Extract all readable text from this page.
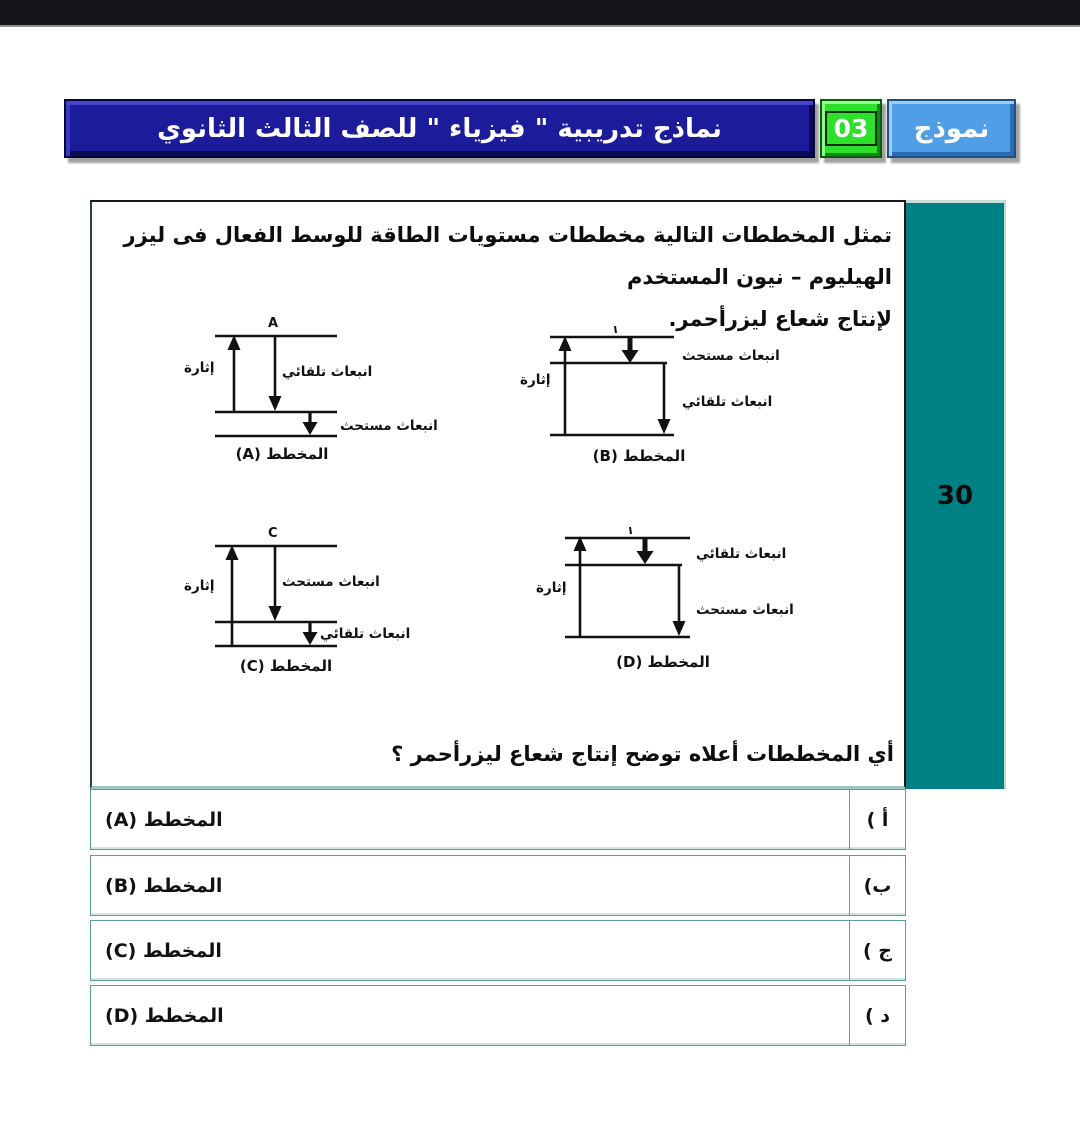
نماذج تدريبية " فيزياء " للصف الثالث الثانوي	03	نموذج
30
تمثل المخططات التالية مخططات مستويات الطاقة للوسط الفعال فى ليزر الهيليوم – نيون المستخدم
لإنتاج شعاع ليزرأحمر.
A
إثارة	انبعاث تلقائي
انبعاث مستحث
المخطط (A)
إثارة
انبعاث مستحث
انبعاث تلقائي
المخطط (B)
C
إثارة	انبعاث مستحث
انبعاث تلقائي
المخطط (C)
إثارة
انبعاث تلقائي
انبعاث مستحث
المخطط (D)
أي المخططات أعلاه توضح إنتاج شعاع ليزرأحمر ؟
المخطط (A)	أ )
المخطط (B)	ب)
المخطط (C)	ج )
المخطط (D)	د )
